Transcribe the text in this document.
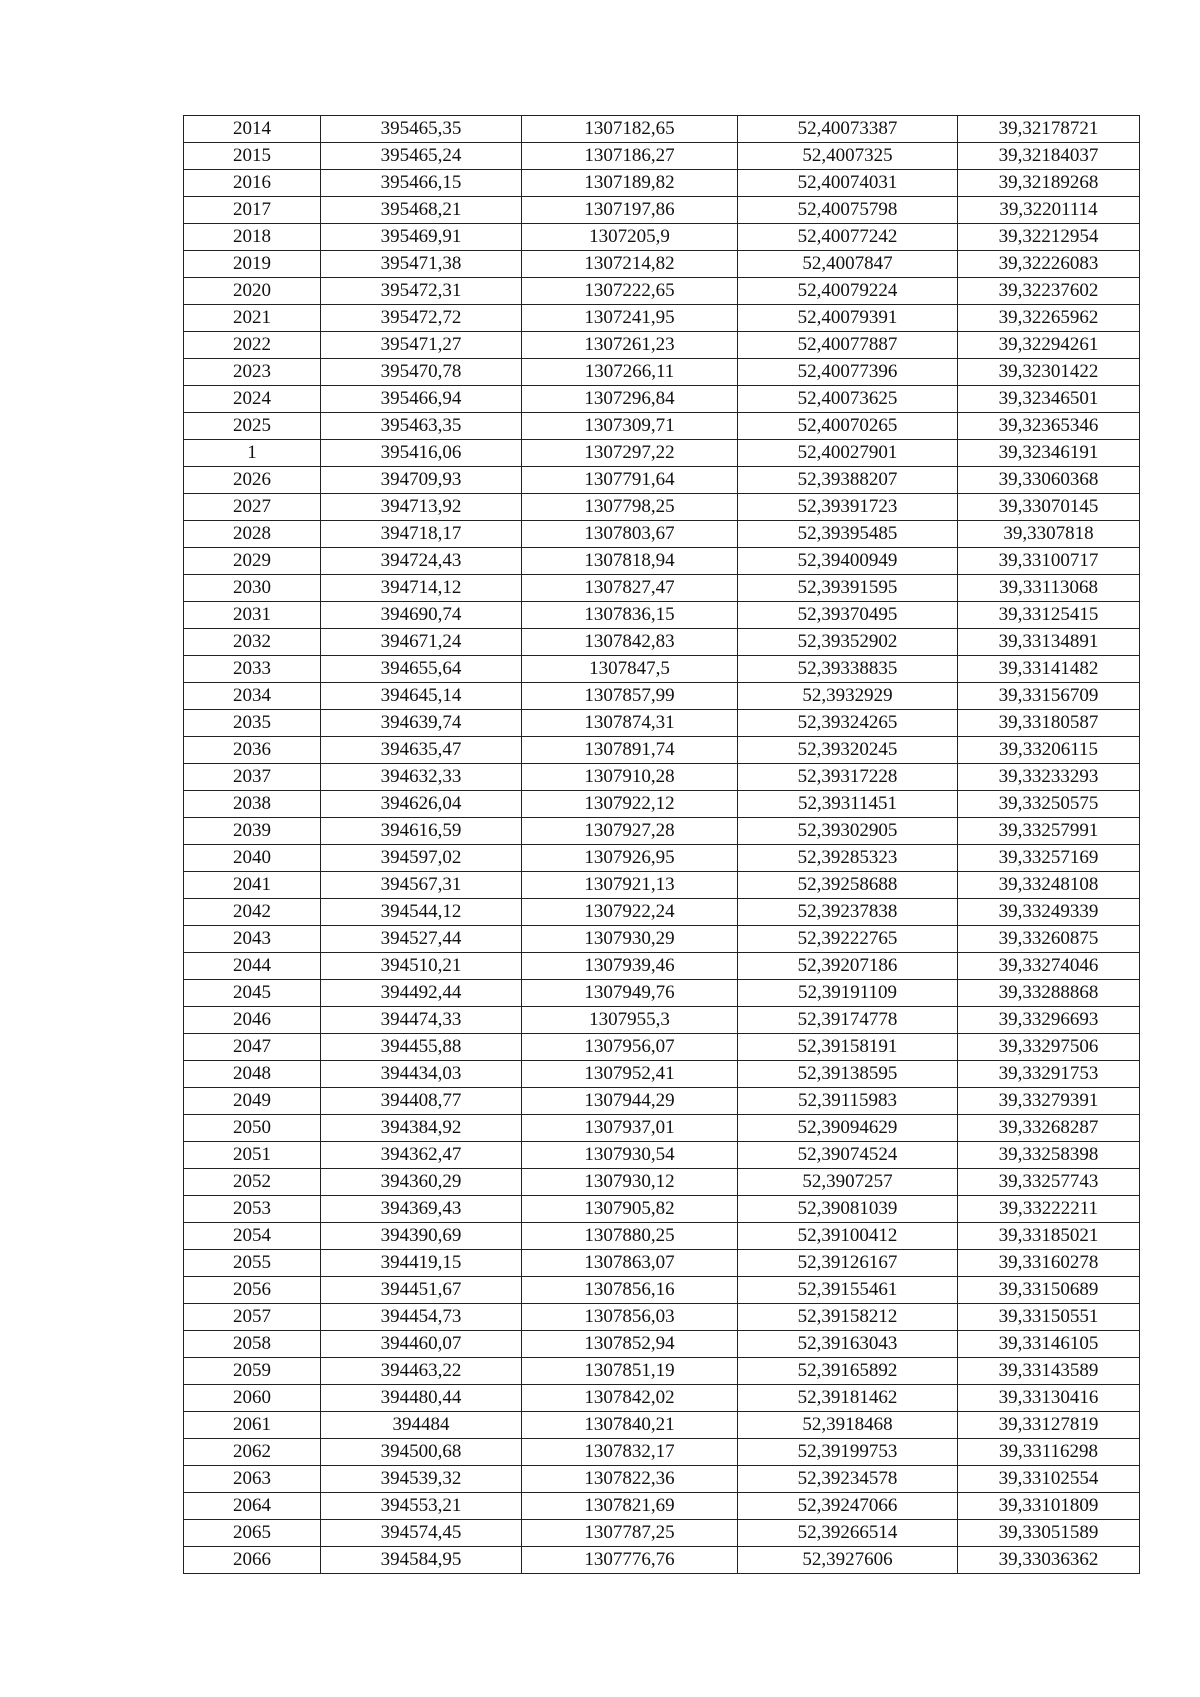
2014	395465,35	1307182,65	52,40073387	39,32178721
2015	395465,24	1307186,27	52,4007325	39,32184037
2016	395466,15	1307189,82	52,40074031	39,32189268
2017	395468,21	1307197,86	52,40075798	39,32201114
2018	395469,91	1307205,9	52,40077242	39,32212954
2019	395471,38	1307214,82	52,4007847	39,32226083
2020	395472,31	1307222,65	52,40079224	39,32237602
2021	395472,72	1307241,95	52,40079391	39,32265962
2022	395471,27	1307261,23	52,40077887	39,32294261
2023	395470,78	1307266,11	52,40077396	39,32301422
2024	395466,94	1307296,84	52,40073625	39,32346501
2025	395463,35	1307309,71	52,40070265	39,32365346
1	395416,06	1307297,22	52,40027901	39,32346191
2026	394709,93	1307791,64	52,39388207	39,33060368
2027	394713,92	1307798,25	52,39391723	39,33070145
2028	394718,17	1307803,67	52,39395485	39,3307818
2029	394724,43	1307818,94	52,39400949	39,33100717
2030	394714,12	1307827,47	52,39391595	39,33113068
2031	394690,74	1307836,15	52,39370495	39,33125415
2032	394671,24	1307842,83	52,39352902	39,33134891
2033	394655,64	1307847,5	52,39338835	39,33141482
2034	394645,14	1307857,99	52,3932929	39,33156709
2035	394639,74	1307874,31	52,39324265	39,33180587
2036	394635,47	1307891,74	52,39320245	39,33206115
2037	394632,33	1307910,28	52,39317228	39,33233293
2038	394626,04	1307922,12	52,39311451	39,33250575
2039	394616,59	1307927,28	52,39302905	39,33257991
2040	394597,02	1307926,95	52,39285323	39,33257169
2041	394567,31	1307921,13	52,39258688	39,33248108
2042	394544,12	1307922,24	52,39237838	39,33249339
2043	394527,44	1307930,29	52,39222765	39,33260875
2044	394510,21	1307939,46	52,39207186	39,33274046
2045	394492,44	1307949,76	52,39191109	39,33288868
2046	394474,33	1307955,3	52,39174778	39,33296693
2047	394455,88	1307956,07	52,39158191	39,33297506
2048	394434,03	1307952,41	52,39138595	39,33291753
2049	394408,77	1307944,29	52,39115983	39,33279391
2050	394384,92	1307937,01	52,39094629	39,33268287
2051	394362,47	1307930,54	52,39074524	39,33258398
2052	394360,29	1307930,12	52,3907257	39,33257743
2053	394369,43	1307905,82	52,39081039	39,33222211
2054	394390,69	1307880,25	52,39100412	39,33185021
2055	394419,15	1307863,07	52,39126167	39,33160278
2056	394451,67	1307856,16	52,39155461	39,33150689
2057	394454,73	1307856,03	52,39158212	39,33150551
2058	394460,07	1307852,94	52,39163043	39,33146105
2059	394463,22	1307851,19	52,39165892	39,33143589
2060	394480,44	1307842,02	52,39181462	39,33130416
2061	394484	1307840,21	52,3918468	39,33127819
2062	394500,68	1307832,17	52,39199753	39,33116298
2063	394539,32	1307822,36	52,39234578	39,33102554
2064	394553,21	1307821,69	52,39247066	39,33101809
2065	394574,45	1307787,25	52,39266514	39,33051589
2066	394584,95	1307776,76	52,3927606	39,33036362
